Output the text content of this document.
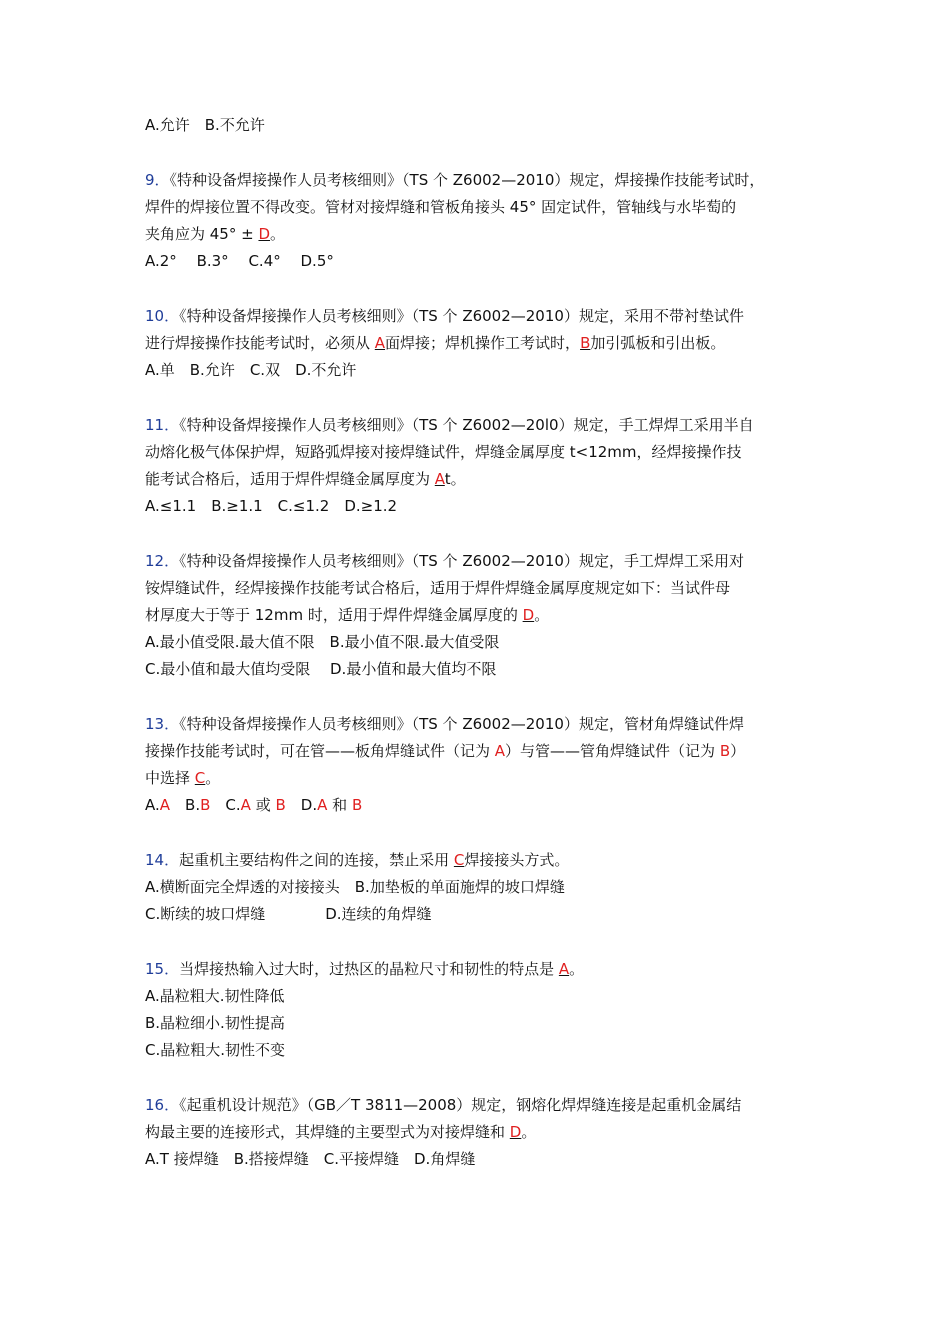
A.允许　B.不允许
9．《特种设备焊接操作人员考核细则》（TS 个 Z6002—2010）规定，焊接操作技能考试时，
焊件的焊接位置不得改变。管材对接焊缝和管板角接头 45° 固定试件，管轴线与水毕萄的
夹角应为 45° ± D。
A.2°　 B.3°　 C.4°　 D.5°
10．《特种设备焊接操作人员考核细则》（TS 个 Z6002—2010）规定，采用不带衬垫试件
进行焊接操作技能考试时，必须从 A面焊接；焊机操作工考试时，B加引弧板和引出板。
A.单　B.允许　C.双　D.不允许
11．《特种设备焊接操作人员考核细则》（TS 个 Z6002—20l0）规定，手工焊焊工采用半自
动熔化极气体保护焊，短路弧焊接对接焊缝试件，焊缝金属厚度 t<12mm，经焊接操作技
能考试合格后，适用于焊件焊缝金属厚度为 At。
A.≤1.1　B.≥1.1　C.≤1.2　D.≥1.2
12．《特种设备焊接操作人员考核细则》（TS 个 Z6002—2010）规定，手工焊焊工采用对
铵焊缝试件，经焊接操作技能考试合格后，适用于焊件焊缝金属厚度规定如下：当试件母
材厚度大于等于 12mm 时，适用于焊件焊缝金属厚度的 D。
A.最小值受限.最大值不限　B.最小值不限.最大值受限
C.最小值和最大值均受限　 D.最小值和最大值均不限
13．《特种设备焊接操作人员考核细则》（TS 个 Z6002—2010）规定，管材角焊缝试件焊
接操作技能考试时，可在管——板角焊缝试件（记为 A）与管——管角焊缝试件（记为 B）
中选择 C。
A.A　 B.B　 C.A 或 B　 D.A 和 B
14．起重机主要结构件之间的连接，禁止采用 C焊接接头方式。
A.横断面完全焊透的对接接头　B.加垫板的单面施焊的坡口焊缝
C.断续的坡口焊缝　　　　D.连续的角焊缝
15．当焊接热输入过大时，过热区的晶粒尺寸和韧性的特点是 A。
A.晶粒粗大.韧性降低
B.晶粒细小.韧性提高
C.晶粒粗大.韧性不变
16．《起重机设计规范》（GB／T 3811—2008）规定，钢熔化焊焊缝连接是起重机金属结
构最主要的连接形式，其焊缝的主要型式为对接焊缝和 D。
A.T 接焊缝　B.搭接焊缝　C.平接焊缝　D.角焊缝
